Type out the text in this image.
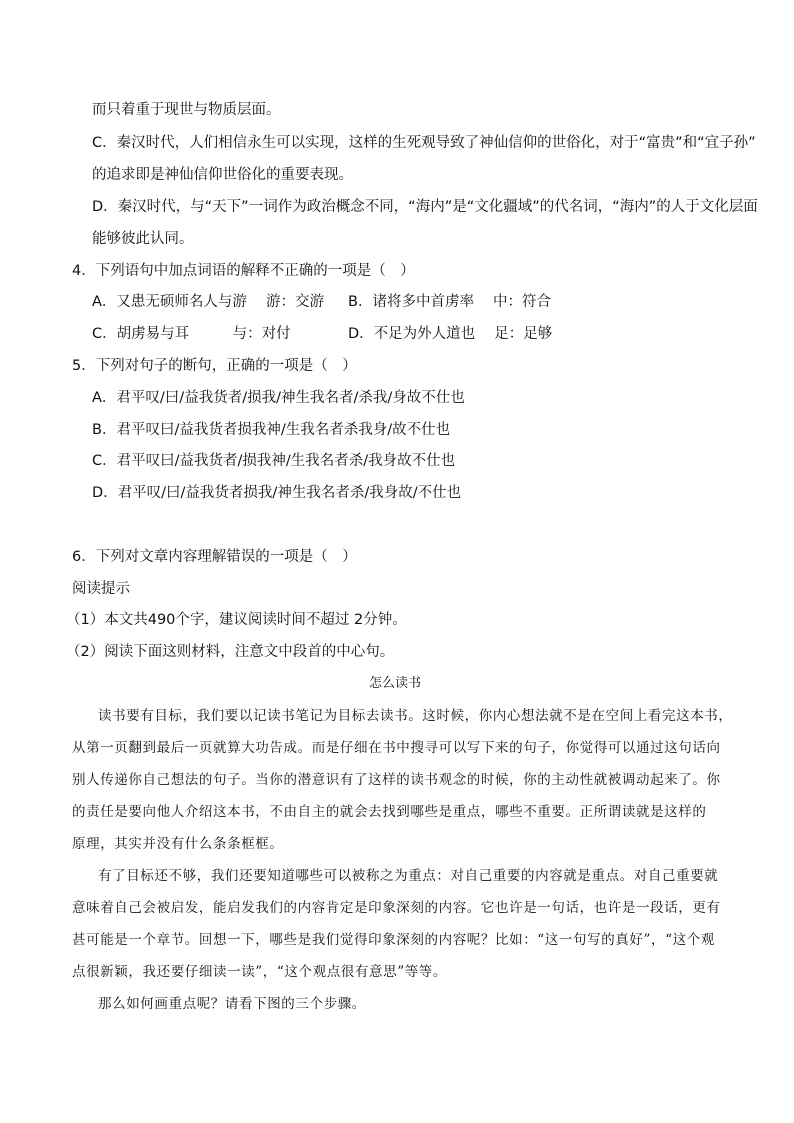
而只着重于现世与物质层面。
C．秦汉时代，人们相信永生可以实现，这样的生死观导致了神仙信仰的世俗化，对于“富贵”和“宜子孙”
的追求即是神仙信仰世俗化的重要表现。
D．秦汉时代，与“天下”一词作为政治概念不同，“海内”是“文化疆域”的代名词，“海内”的人于文化层面
能够彼此认同。
4．下列语句中加点词语的解释不正确的一项是（　）
A．又患无硕师名人与游　 游：交游 B．诸将多中首虏率　 中：符合
C．胡虏易与耳　　　与：对付	D．不足为外人道也　 足：足够
5．下列对句子的断句，正确的一项是（　）
A．君平叹/曰/益我货者/损我/神生我名者/杀我/身故不仕也
B．君平叹曰/益我货者损我神/生我名者杀我身/故不仕也
C．君平叹曰/益我货者/损我神/生我名者杀/我身故不仕也
D．君平叹/曰/益我货者损我/神生我名者杀/我身故/不仕也
6．下列对文章内容理解错误的一项是（　）
阅读提示
（1）本文共490个字，建议阅读时间不超过 2分钟。
（2）阅读下面这则材料，注意文中段首的中心句。
怎么读书
读书要有目标，我们要以记读书笔记为目标去读书。这时候，你内心想法就不是在空间上看完这本书，
从第一页翻到最后一页就算大功告成。而是仔细在书中搜寻可以写下来的句子，你觉得可以通过这句话向
别人传递你自己想法的句子。当你的潜意识有了这样的读书观念的时候，你的主动性就被调动起来了。你
的责任是要向他人介绍这本书，不由自主的就会去找到哪些是重点，哪些不重要。正所谓读就是这样的
原理，其实并没有什么条条框框。
有了目标还不够，我们还要知道哪些可以被称之为重点：对自己重要的内容就是重点。对自己重要就
意味着自己会被启发，能启发我们的内容肯定是印象深刻的内容。它也许是一句话，也许是一段话，更有
甚可能是一个章节。回想一下，哪些是我们觉得印象深刻的内容呢？比如：“这一句写的真好”，“这个观
点很新颖，我还要仔细读一读”，“这个观点很有意思”等等。
那么如何画重点呢？请看下图的三个步骤。
